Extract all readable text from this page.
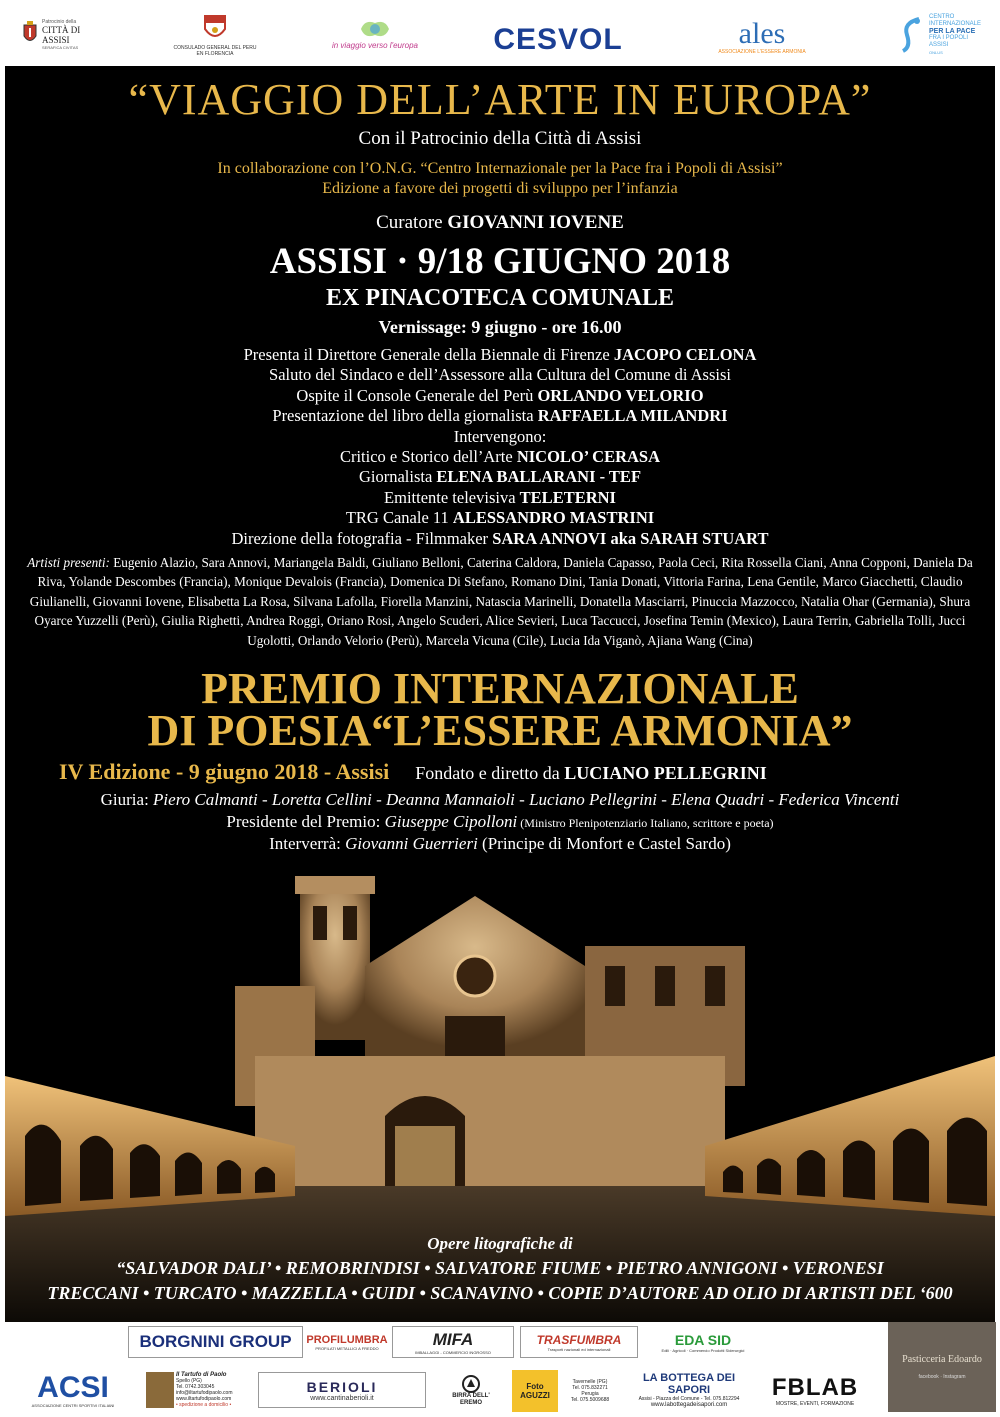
Patrocinio della
CITTÀ DI ASSISI
SERAFICA CIVITAS	CONSULADO GENERAL DEL PERU EN FLORENCIA
in viaggio verso l'europa	CESVOL	ales
ASSOCIAZIONE L'ESSERE ARMONIA
CENTRO
INTERNAZIONALE
PER LA PACE
FRA I POPOLI
ASSISI
ONLUS
“VIAGGIO DELL’ARTE IN EUROPA”
Con il Patrocinio della Città di Assisi
In collaborazione con l’O.N.G. “Centro Internazionale per la Pace fra i Popoli di Assisi”
Edizione a favore dei progetti di sviluppo per l’infanzia
Curatore GIOVANNI IOVENE
ASSISI · 9/18 GIUGNO 2018
EX PINACOTECA COMUNALE
Vernissage: 9 giugno - ore 16.00
Presenta il Direttore Generale della Biennale di Firenze JACOPO CELONA
Saluto del Sindaco e dell’Assessore alla Cultura del Comune di Assisi
Ospite il Console Generale del Perù ORLANDO VELORIO
Presentazione del libro della giornalista RAFFAELLA MILANDRI
Intervengono:
Critico e Storico dell’Arte NICOLO’ CERASA
Giornalista ELENA BALLARANI - TEF
Emittente televisiva TELETERNI
TRG Canale 11 ALESSANDRO MASTRINI
Direzione della fotografia - Filmmaker SARA ANNOVI aka SARAH STUART
Artisti presenti: Eugenio Alazio, Sara Annovi, Mariangela Baldi, Giuliano Belloni, Caterina Caldora, Daniela Capasso, Paola Ceci, Rita Rossella Ciani, Anna Copponi, Daniela Da Riva, Yolande Descombes (Francia), Monique Devalois (Francia), Domenica Di Stefano, Romano Dini, Tania Donati, Vittoria Farina, Lena Gentile, Marco Giacchetti, Claudio Giulianelli, Giovanni Iovene, Elisabetta La Rosa, Silvana Lafolla, Fiorella Manzini, Natascia Marinelli, Donatella Masciarri, Pinuccia Mazzocco, Natalia Ohar (Germania), Shura Oyarce Yuzzelli (Perù), Giulia Righetti, Andrea Roggi, Oriano Rosi, Angelo Scuderi, Alice Sevieri, Luca Taccucci, Josefina Temin (Mexico), Laura Terrin, Gabriella Tolli, Jucci Ugolotti, Orlando Velorio (Perù), Marcela Vicuna (Cile), Lucia Ida Viganò, Ajiana Wang (Cina)
PREMIO INTERNAZIONALE
DI POESIA“L’ESSERE ARMONIA”
IV Edizione - 9 giugno 2018 - Assisi Fondato e diretto da LUCIANO PELLEGRINI
Giuria: Piero Calmanti - Loretta Cellini - Deanna Mannaioli - Luciano Pellegrini - Elena Quadri - Federica Vincenti
Presidente del Premio: Giuseppe Cipolloni (Ministro Plenipotenziario Italiano, scrittore e poeta)
Interverrà: Giovanni Guerrieri (Principe di Monfort e Castel Sardo)
Opere litografiche di
“SALVADOR DALI’ • REMOBRINDISI • SALVATORE FIUME • PIETRO ANNIGONI • VERONESI
TRECCANI • TURCATO • MAZZELLA • GUIDI • SCANAVINO • COPIE D’AUTORE AD OLIO DI ARTISTI DEL ‘600
BORGNINI GROUP PROFILUMBRA
PROFILATI METALLICI A FREDDO	MIFA
IMBALLAGGI - COMMERCIO INGROSSO
TRASFUMBRA
Trasporti nazionali ed internazionali
EDA SID
Edili · Agricoli · Commercio Prodotti Siderurgici
Pasticceria Edoardo
facebook · Instagram
ACSI
ASSOCIAZIONE CENTRI SPORTIVI ITALIANI
Il Tartufo di Paolo
Spello (PG)
Tel. 0742.303045
info@iltartufodipaolo.com
www.iltartufodipaolo.com
• spedizione a domicilio •
BERIOLI
www.cantinaberioli.it	BIRRA DELL' EREMO
Foto AGUZZI
Tavernelle (PG)
Tel. 075.832271
Perugia
Tel. 075.5009688
LA BOTTEGA DEI SAPORI
Assisi - Piazza del Comune - Tel. 075.812294
www.labottegadeisapori.com
FBLAB
MOSTRE, EVENTI, FORMAZIONE
